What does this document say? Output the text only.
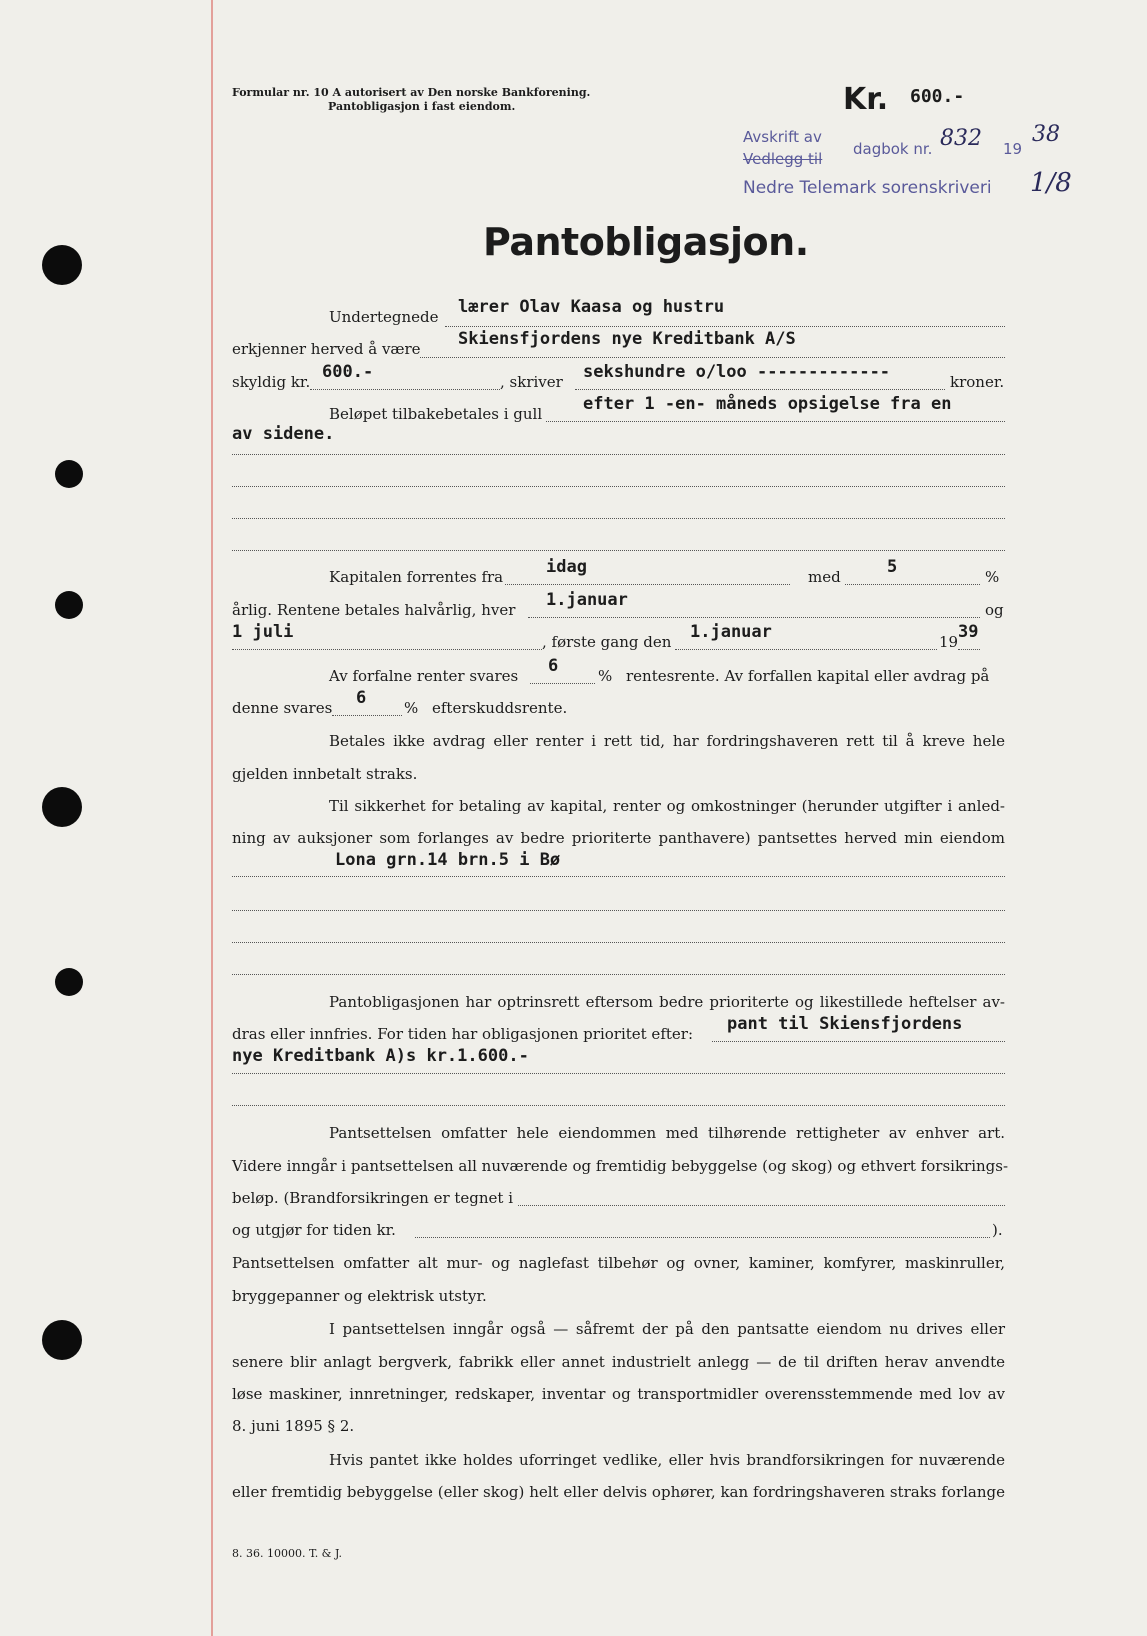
Formular nr. 10 A autorisert av Den norske Bankforening.
Pantobligasjon i fast eiendom.	Kr. 600.-
Avskrift av
Vedlegg til
dagbok nr. 832 19
38
Nedre Telemark sorenskriveri 1/8
Pantobligasjon.
Undertegnede lærer Olav Kaasa og hustru
erkjenner herved å være Skiensfjordens nye Kreditbank A/S
skyldig kr. 600.-	, skriver sekshundre o/loo -------------	kroner.
Beløpet tilbakebetales i gull efter 1 -en- måneds opsigelse fra en
av sidene.
Kapitalen forrentes fra	idag	med	5	%
årlig. Rentene betales halvårlig, hver 1.januar	og
1 juli	, første gang den 1.januar	19 39
Av forfalne renter svares 6	% rentesrente. Av forfallen kapital eller avdrag på
denne svares 6	% efterskuddsrente.
Betales ikke avdrag eller renter i rett tid, har fordringshaveren rett til å kreve hele
gjelden innbetalt straks.
Til sikkerhet for betaling av kapital, renter og omkostninger (herunder utgifter i anled-
ning av auksjoner som forlanges av bedre prioriterte panthavere) pantsettes herved min eiendom
Lona grn.14 brn.5 i Bø
Pantobligasjonen har optrinsrett eftersom bedre prioriterte og likestillede heftelser av-
dras eller innfries. For tiden har obligasjonen prioritet efter: pant til Skiensfjordens
nye Kreditbank A)s kr.1.600.-
Pantsettelsen omfatter hele eiendommen med tilhørende rettigheter av enhver art.
Videre inngår i pantsettelsen all nuværende og fremtidig bebyggelse (og skog) og ethvert forsikrings-
beløp. (Brandforsikringen er tegnet i
og utgjør for tiden kr.	).
Pantsettelsen omfatter alt mur- og naglefast tilbehør og ovner, kaminer, komfyrer, maskinruller,
bryggepanner og elektrisk utstyr.
I pantsettelsen inngår også — såfremt der på den pantsatte eiendom nu drives eller
senere blir anlagt bergverk, fabrikk eller annet industrielt anlegg — de til driften herav anvendte
løse maskiner, innretninger, redskaper, inventar og transportmidler overensstemmende med lov av
8. juni 1895 § 2.
Hvis pantet ikke holdes uforringet vedlike, eller hvis brandforsikringen for nuværende
eller fremtidig bebyggelse (eller skog) helt eller delvis ophører, kan fordringshaveren straks forlange
8. 36. 10000. T. & J.
